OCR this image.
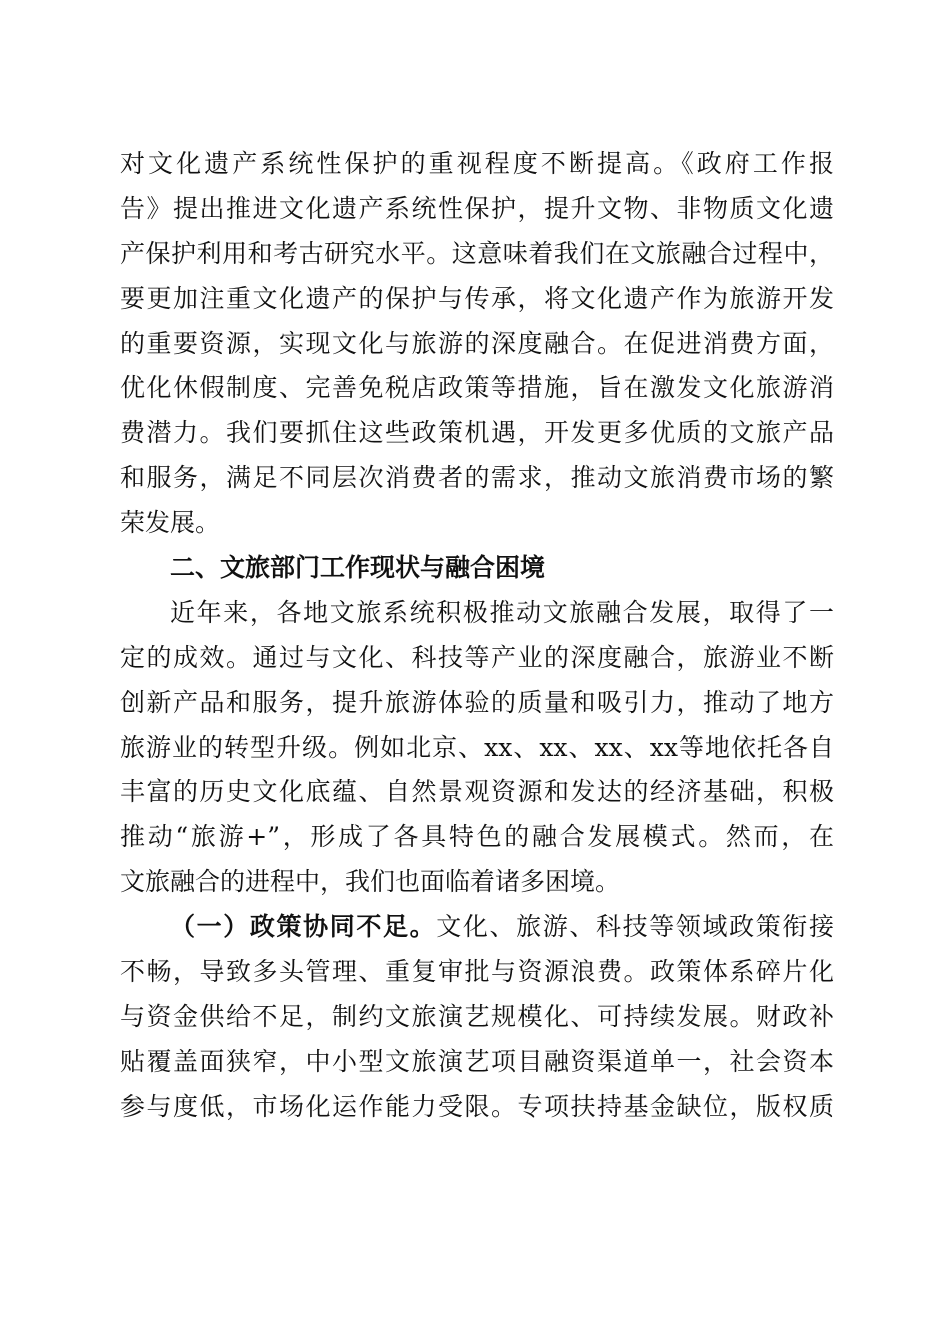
对文化遗产系统性保护的重视程度不断提高。《政府工作报
告》提出推进文化遗产系统性保护，提升文物、非物质文化遗
产保护利用和考古研究水平。这意味着我们在文旅融合过程中，
要更加注重文化遗产的保护与传承，将文化遗产作为旅游开发
的重要资源，实现文化与旅游的深度融合。在促进消费方面，
优化休假制度、完善免税店政策等措施，旨在激发文化旅游消
费潜力。我们要抓住这些政策机遇，开发更多优质的文旅产品
和服务，满足不同层次消费者的需求，推动文旅消费市场的繁
荣发展。
二、文旅部门工作现状与融合困境
近年来，各地文旅系统积极推动文旅融合发展，取得了一
定的成效。通过与文化、科技等产业的深度融合，旅游业不断
创新产品和服务，提升旅游体验的质量和吸引力，推动了地方
旅游业的转型升级。例如北京、xx、xx、xx、xx等地依托各自
丰富的历史文化底蕴、自然景观资源和发达的经济基础，积极
推动“旅游+”，形成了各具特色的融合发展模式。然而，在
文旅融合的进程中，我们也面临着诸多困境。
（一）政策协同不足。文化、旅游、科技等领域政策衔接
不畅，导致多头管理、重复审批与资源浪费。政策体系碎片化
与资金供给不足，制约文旅演艺规模化、可持续发展。财政补
贴覆盖面狭窄，中小型文旅演艺项目融资渠道单一，社会资本
参与度低，市场化运作能力受限。专项扶持基金缺位，版权质
